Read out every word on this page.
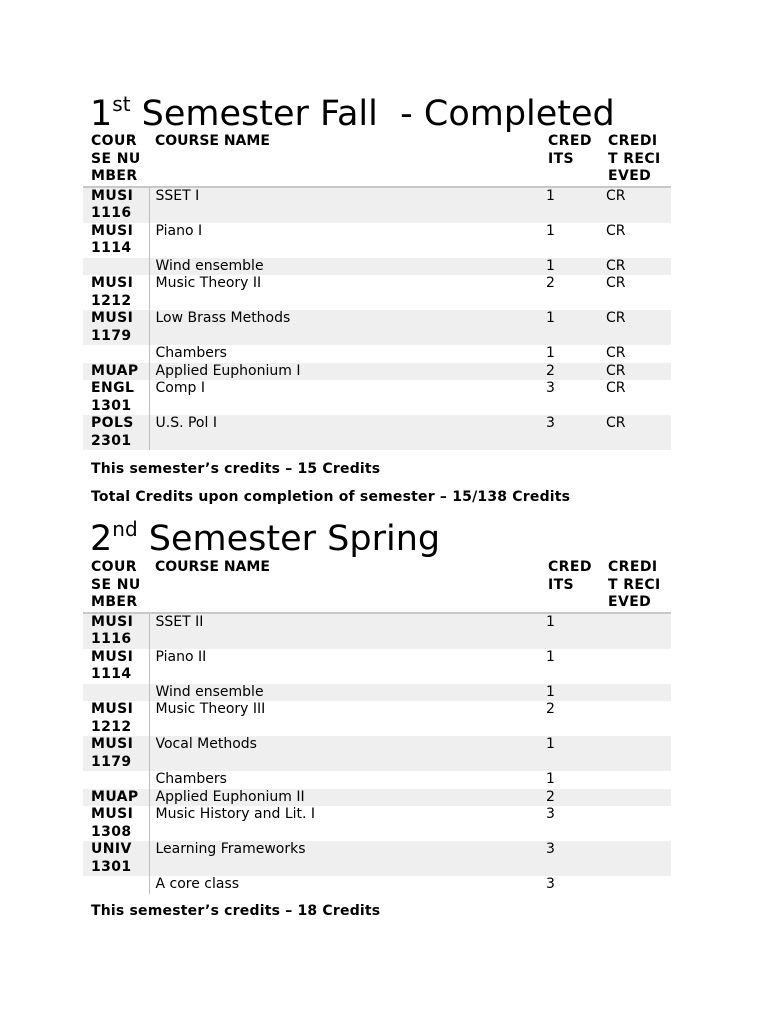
1st Semester Fall  - Completed
COURSE NUMBER	COURSE NAME	CREDITS	CREDIT RECIEVED
MUSI 1116	SSET I	1	CR
MUSI 1114	Piano I	1	CR
	Wind ensemble	1	CR
MUSI 1212	Music Theory II	2	CR
MUSI 1179	Low Brass Methods	1	CR
	Chambers	1	CR
MUAP	Applied Euphonium I	2	CR
ENGL 1301	Comp I	3	CR
POLS 2301	U.S. Pol I	3	CR

This semester’s credits – 15 Credits

Total Credits upon completion of semester – 15/138 Credits

2nd Semester Spring
COURSE NUMBER	COURSE NAME	CREDITS	CREDIT RECIEVED
MUSI 1116	SSET II	1	
MUSI 1114	Piano II	1	
	Wind ensemble	1	
MUSI 1212	Music Theory III	2	
MUSI 1179	Vocal Methods	1	
	Chambers	1	
MUAP	Applied Euphonium II	2	
MUSI 1308	Music History and Lit. I	3	
UNIV 1301	Learning Frameworks	3	
	A core class	3	

This semester’s credits – 18 Credits
